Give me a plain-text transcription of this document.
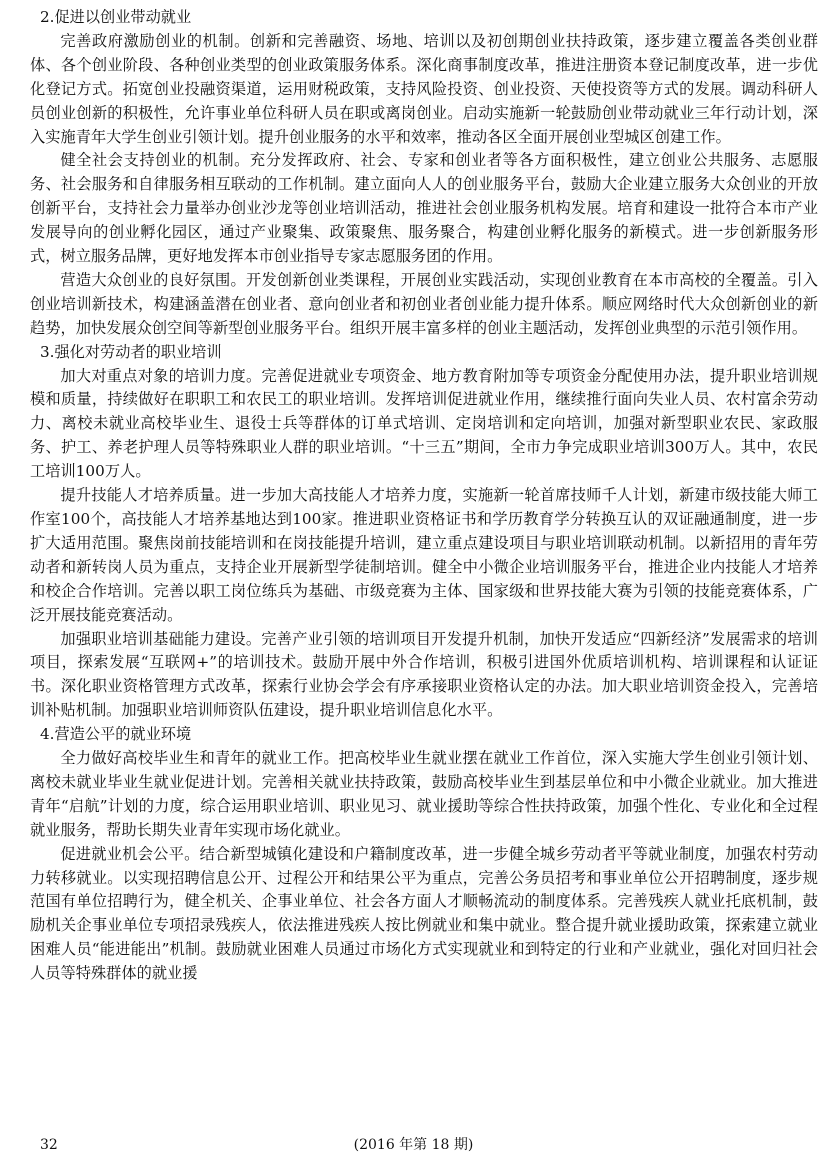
2.促进以创业带动就业

完善政府激励创业的机制。创新和完善融资、场地、培训以及初创期创业扶持政策，逐步建立覆盖各类创业群体、各个创业阶段、各种创业类型的创业政策服务体系。深化商事制度改革，推进注册资本登记制度改革，进一步优化登记方式。拓宽创业投融资渠道，运用财税政策，支持风险投资、创业投资、天使投资等方式的发展。调动科研人员创业创新的积极性，允许事业单位科研人员在职或离岗创业。启动实施新一轮鼓励创业带动就业三年行动计划，深入实施青年大学生创业引领计划。提升创业服务的水平和效率，推动各区全面开展创业型城区创建工作。

健全社会支持创业的机制。充分发挥政府、社会、专家和创业者等各方面积极性，建立创业公共服务、志愿服务、社会服务和自律服务相互联动的工作机制。建立面向人人的创业服务平台，鼓励大企业建立服务大众创业的开放创新平台，支持社会力量举办创业沙龙等创业培训活动，推进社会创业服务机构发展。培育和建设一批符合本市产业发展导向的创业孵化园区，通过产业聚集、政策聚焦、服务聚合，构建创业孵化服务的新模式。进一步创新服务形式，树立服务品牌，更好地发挥本市创业指导专家志愿服务团的作用。

营造大众创业的良好氛围。开发创新创业类课程，开展创业实践活动，实现创业教育在本市高校的全覆盖。引入创业培训新技术，构建涵盖潜在创业者、意向创业者和初创业者创业能力提升体系。顺应网络时代大众创新创业的新趋势，加快发展众创空间等新型创业服务平台。组织开展丰富多样的创业主题活动，发挥创业典型的示范引领作用。

3.强化对劳动者的职业培训

加大对重点对象的培训力度。完善促进就业专项资金、地方教育附加等专项资金分配使用办法，提升职业培训规模和质量，持续做好在职职工和农民工的职业培训。发挥培训促进就业作用，继续推行面向失业人员、农村富余劳动力、离校未就业高校毕业生、退役士兵等群体的订单式培训、定岗培训和定向培训，加强对新型职业农民、家政服务、护工、养老护理人员等特殊职业人群的职业培训。“十三五”期间，全市力争完成职业培训300万人。其中，农民工培训100万人。

提升技能人才培养质量。进一步加大高技能人才培养力度，实施新一轮首席技师千人计划，新建市级技能大师工作室100个，高技能人才培养基地达到100家。推进职业资格证书和学历教育学分转换互认的双证融通制度，进一步扩大适用范围。聚焦岗前技能培训和在岗技能提升培训，建立重点建设项目与职业培训联动机制。以新招用的青年劳动者和新转岗人员为重点，支持企业开展新型学徒制培训。健全中小微企业培训服务平台，推进企业内技能人才培养和校企合作培训。完善以职工岗位练兵为基础、市级竞赛为主体、国家级和世界技能大赛为引领的技能竞赛体系，广泛开展技能竞赛活动。

加强职业培训基础能力建设。完善产业引领的培训项目开发提升机制，加快开发适应“四新经济”发展需求的培训项目，探索发展“互联网+”的培训技术。鼓励开展中外合作培训，积极引进国外优质培训机构、培训课程和认证证书。深化职业资格管理方式改革，探索行业协会学会有序承接职业资格认定的办法。加大职业培训资金投入，完善培训补贴机制。加强职业培训师资队伍建设，提升职业培训信息化水平。

4.营造公平的就业环境

全力做好高校毕业生和青年的就业工作。把高校毕业生就业摆在就业工作首位，深入实施大学生创业引领计划、离校未就业毕业生就业促进计划。完善相关就业扶持政策，鼓励高校毕业生到基层单位和中小微企业就业。加大推进青年“启航”计划的力度，综合运用职业培训、职业见习、就业援助等综合性扶持政策，加强个性化、专业化和全过程就业服务，帮助长期失业青年实现市场化就业。

促进就业机会公平。结合新型城镇化建设和户籍制度改革，进一步健全城乡劳动者平等就业制度，加强农村劳动力转移就业。以实现招聘信息公开、过程公开和结果公平为重点，完善公务员招考和事业单位公开招聘制度，逐步规范国有单位招聘行为，健全机关、企事业单位、社会各方面人才顺畅流动的制度体系。完善残疾人就业托底机制，鼓励机关企事业单位专项招录残疾人，依法推进残疾人按比例就业和集中就业。整合提升就业援助政策，探索建立就业困难人员“能进能出”机制。鼓励就业困难人员通过市场化方式实现就业和到特定的行业和产业就业，强化对回归社会人员等特殊群体的就业援

32	(2016 年第 18 期)
